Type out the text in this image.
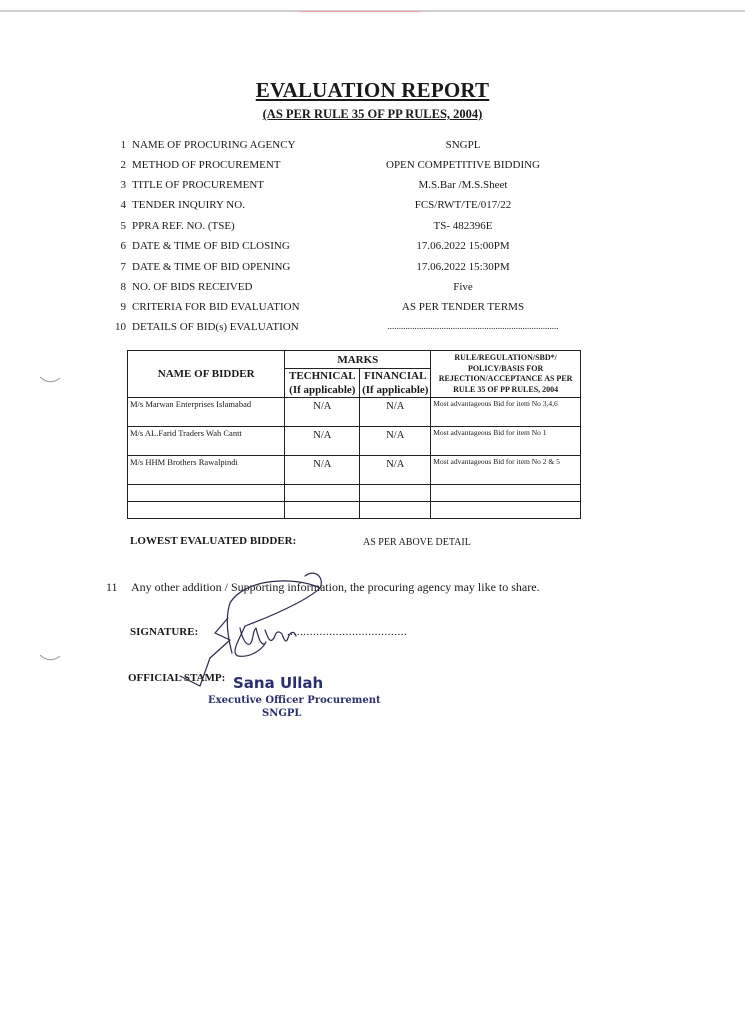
EVALUATION REPORT
(AS PER RULE 35 OF PP RULES, 2004)
1 NAME OF PROCURING AGENCY	SNGPL
2 METHOD OF PROCUREMENT	OPEN COMPETITIVE BIDDING
3 TITLE OF PROCUREMENT	M.S.Bar /M.S.Sheet
4 TENDER INQUIRY NO.	FCS/RWT/TE/017/22
5 PPRA REF. NO. (TSE)	TS- 482396E
6 DATE & TIME OF BID CLOSING	17.06.2022 15:00PM
7 DATE & TIME OF BID OPENING	17.06.2022 15:30PM
8 NO. OF BIDS RECEIVED	Five
9 CRITERIA FOR BID EVALUATION	AS PER TENDER TERMS
10 DETAILS OF BID(s) EVALUATION	............................................................................
NAME OF BIDDER	MARKS		RULE/REGULATION/SBD*/ POLICY/BASIS FOR REJECTION/ACCEPTANCE AS PER RULE 35 OF PP RULES, 2004
	TECHNICAL (If applicable)	FINANCIAL (If applicable)	
M/s Marwan Enterprises Islamabad	N/A	N/A	Most advantageous Bid for item No 3,4,6
M/s AL.Farid Traders Wah Cantt	N/A	N/A	Most advantageous Bid for item No 1
M/s HHM Brothers Rawalpindi	N/A	N/A	Most advantageous Bid for item No 2 & 5

LOWEST EVALUATED BIDDER:	AS PER ABOVE DETAIL
11 Any other addition / Supporting information, the procuring agency may like to share.
SIGNATURE:	.....................................
OFFICIAL STAMP: Sana Ullah
Executive Officer Procurement
SNGPL
